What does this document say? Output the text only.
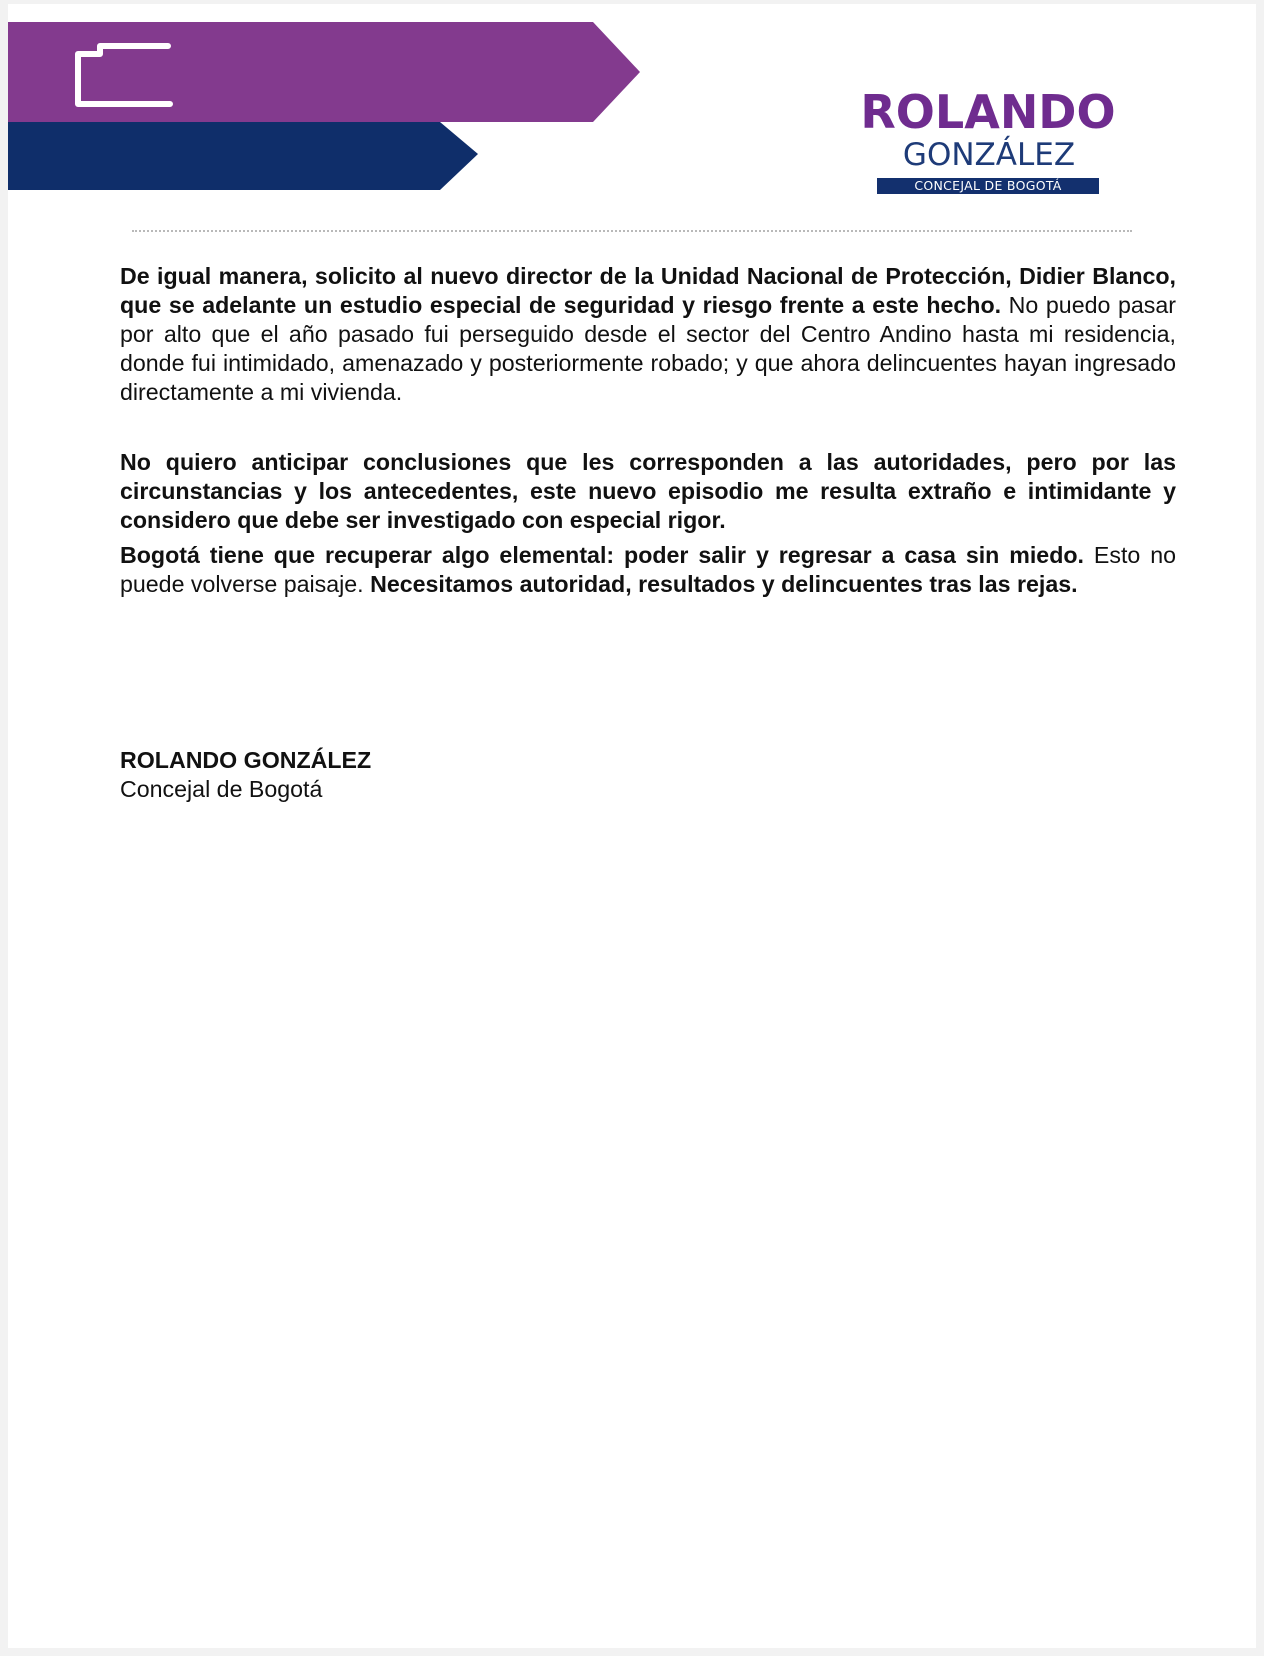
ROLANDO
GONZÁLEZ
CONCEJAL DE BOGOTÁ

De igual manera, solicito al nuevo director de la Unidad Nacional de Protección, Didier Blanco, que se adelante un estudio especial de seguridad y riesgo frente a este hecho. No puedo pasar por alto que el año pasado fui perseguido desde el sector del Centro Andino hasta mi residencia, donde fui intimidado, amenazado y posteriormente robado; y que ahora delincuentes hayan ingresado directamente a mi vivienda.

No quiero anticipar conclusiones que les corresponden a las autoridades, pero por las circunstancias y los antecedentes, este nuevo episodio me resulta extraño e intimidante y considero que debe ser investigado con especial rigor.

Bogotá tiene que recuperar algo elemental: poder salir y regresar a casa sin miedo. Esto no puede volverse paisaje. Necesitamos autoridad, resultados y delincuentes tras las rejas.

ROLANDO GONZÁLEZ
Concejal de Bogotá
